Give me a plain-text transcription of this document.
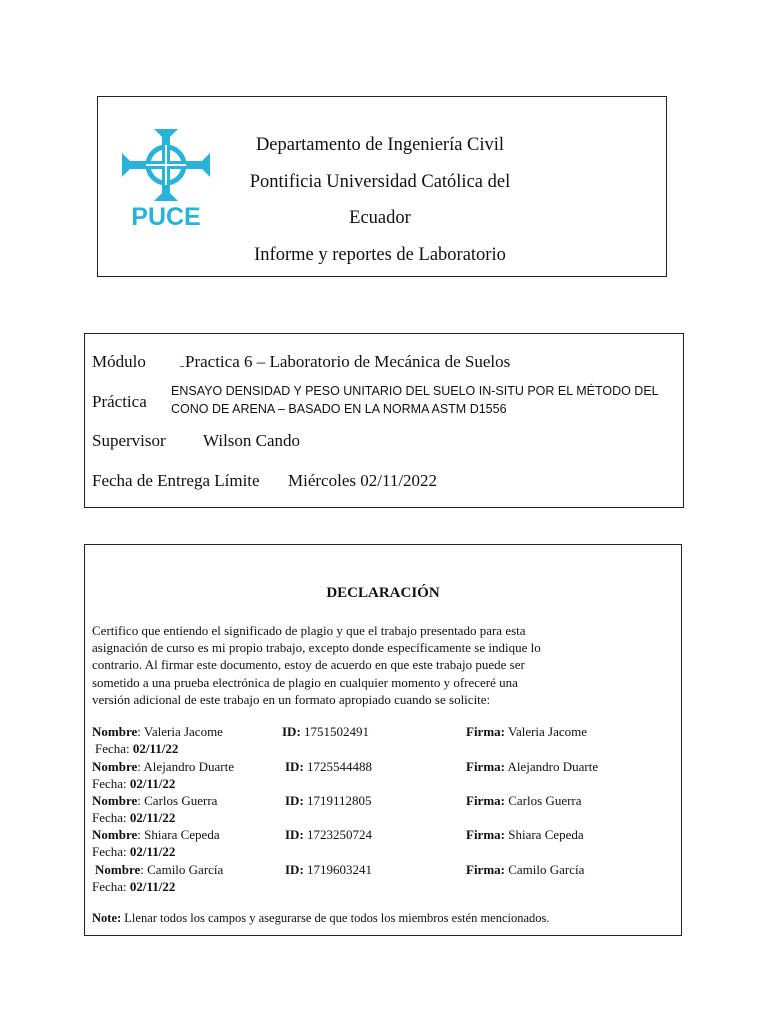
PUCE
Departamento de Ingeniería Civil
Pontificia Universidad Católica del
Ecuador
Informe y reportes de Laboratorio
Módulo Practica 6 – Laboratorio de Mecánica de Suelos
Práctica
ENSAYO DENSIDAD Y PESO UNITARIO DEL SUELO IN-SITU POR EL MÉTODO DEL
CONO DE ARENA – BASADO EN LA NORMA ASTM D1556
Supervisor Wilson Cando
Fecha de Entrega Límite Miércoles 02/11/2022
DECLARACIÓN
Certifico que entiendo el significado de plagio y que el trabajo presentado para esta
asignación de curso es mi propio trabajo, excepto donde específicamente se indique lo
contrario. Al firmar este documento, estoy de acuerdo en que este trabajo puede ser
sometido a una prueba electrónica de plagio en cualquier momento y ofreceré una
versión adicional de este trabajo en un formato apropiado cuando se solicite:
Nombre: Valeria Jacome	ID: 1751502491	Firma: Valeria Jacome
Fecha: 02/11/22
Nombre: Alejandro Duarte	ID: 1725544488	Firma: Alejandro Duarte
Fecha: 02/11/22
Nombre: Carlos Guerra	ID: 1719112805	Firma: Carlos Guerra
Fecha: 02/11/22
Nombre: Shiara Cepeda	ID: 1723250724	Firma: Shiara Cepeda
Fecha: 02/11/22
Nombre: Camilo García	ID: 1719603241	Firma: Camilo García
Fecha: 02/11/22
Note: Llenar todos los campos y asegurarse de que todos los miembros estén mencionados.
